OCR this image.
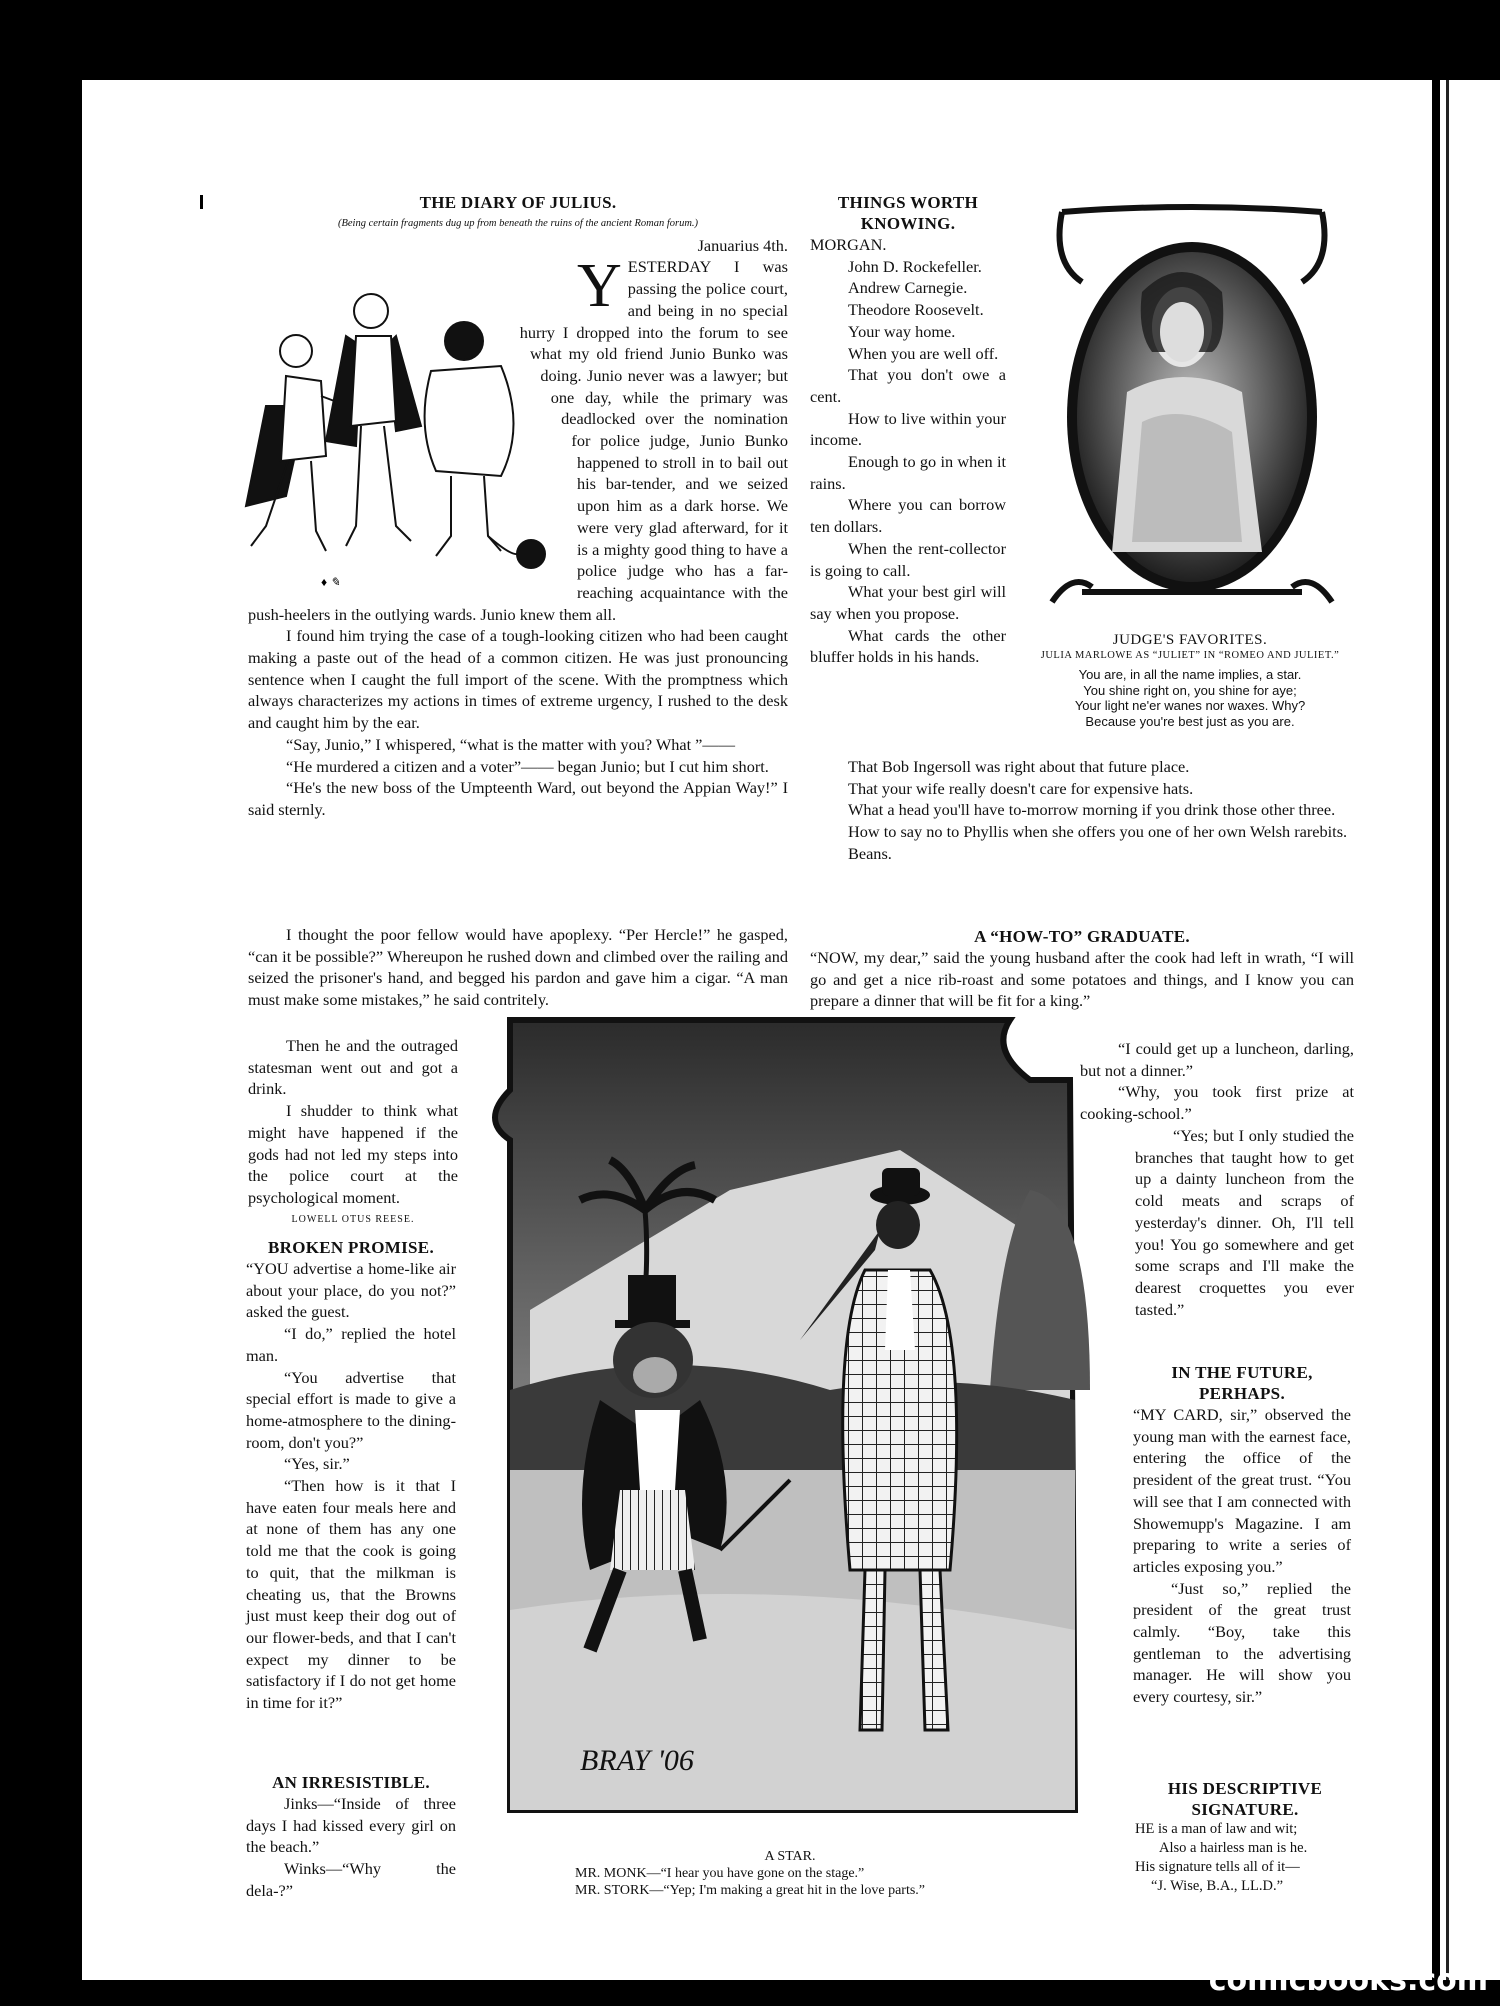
THE DIARY OF JULIUS.
(Being certain fragments dug up from beneath the ruins of the ancient Roman forum.)
Januarius 4th.
♦︎ ✎
Y ESTERDAY I was passing the police court, and being in no special hurry I dropped into the forum to see what my old friend Junio Bunko was doing. Junio never was a lawyer; but one day, while the primary was deadlocked over the nomination for police judge, Junio Bunko happened to stroll in to bail out his bar-tender, and we seized upon him as a dark horse. We were very glad afterward, for it is a mighty good thing to have a police judge who has a far-reaching acquaintance with the push-heelers in the outlying wards. Junio knew them all.

I found him trying the case of a tough-looking citizen who had been caught making a paste out of the head of a common citizen. He was just pronouncing sentence when I caught the full import of the scene. With the promptness which always characterizes my actions in times of extreme urgency, I rushed to the desk and caught him by the ear.

“Say, Junio,” I whispered, “what is the matter with you? What ”——

“He murdered a citizen and a voter”—— began Junio; but I cut him short.

“He's the new boss of the Umpteenth Ward, out beyond the Appian Way!” I said sternly.

I thought the poor fellow would have apoplexy. “Per Hercle!” he gasped, “can it be possible?” Whereupon he rushed down and climbed over the railing and seized the prisoner's hand, and begged his pardon and gave him a cigar. “A man must make some mistakes,” he said contritely.

Then he and the outraged statesman went out and got a drink.

I shudder to think what might have happened if the gods had not led my steps into the police court at the psychological moment.

LOWELL OTUS REESE.
BROKEN PROMISE.

“YOU advertise a home-like air about your place, do you not?” asked the guest.

“I do,” replied the hotel man.

“You advertise that special effort is made to give a home-atmosphere to the dining-room, don't you?”

“Yes, sir.”

“Then how is it that I have eaten four meals here and at none of them has any one told me that the cook is going to quit, that the milkman is cheating us, that the Browns just must keep their dog out of our flower-beds, and that I can't expect my dinner to be satisfactory if I do not get home in time for it?”

AN IRRESISTIBLE.

Jinks—“Inside of three days I had kissed every girl on the beach.”

Winks—“Why the dela-?”

THINGS WORTH
KNOWING.

MORGAN.

John D. Rockefeller.

Andrew Carnegie.

Theodore Roosevelt.

Your way home.

When you are well off.

That you don't owe a cent.

How to live within your income.

Enough to go in when it rains.

Where you can borrow ten dollars.

When the rent-collector is going to call.

What your best girl will say when you propose.

What cards the other bluffer holds in his hands.

That Bob Ingersoll was right about that future place.

That your wife really doesn't care for expensive hats.

What a head you'll have to-morrow morning if you drink those other three.

How to say no to Phyllis when she offers you one of her own Welsh rarebits.

Beans.

JUDGE'S FAVORITES.
JULIA MARLOWE AS “JULIET” IN “ROMEO AND JULIET.”
You are, in all the name implies, a star.
You shine right on, you shine for aye;
Your light ne'er wanes nor waxes. Why?
Because you're best just as you are.
A “HOW-TO” GRADUATE.

“NOW, my dear,” said the young husband after the cook had left in wrath, “I will go and get a nice rib-roast and some potatoes and things, and I know you can prepare a dinner that will be fit for a king.”

“I could get up a luncheon, darling, but not a dinner.”

“Why, you took first prize at cooking-school.”

“Yes; but I only studied the branches that taught how to get up a dainty luncheon from the cold meats and scraps of yesterday's dinner. Oh, I'll tell you! You go somewhere and get some scraps and I'll make the dearest croquettes you ever tasted.”

IN THE FUTURE,
PERHAPS.

“MY CARD, sir,” observed the young man with the earnest face, entering the office of the president of the great trust. “You will see that I am connected with Showemupp's Magazine. I am preparing to write a series of articles exposing you.”

“Just so,” replied the president of the great trust calmly. “Boy, take this gentleman to the advertising manager. He will show you every courtesy, sir.”

HIS DESCRIPTIVE
SIGNATURE.
HE is a man of law and wit;
Also a hairless man is he.
His signature tells all of it—
“J. Wise, B.A., LL.D.”
BRAY '06
A STAR.
MR. MONK—“I hear you have gone on the stage.”
MR. STORK—“Yep; I'm making a great hit in the love parts.”
comicbooks.com
